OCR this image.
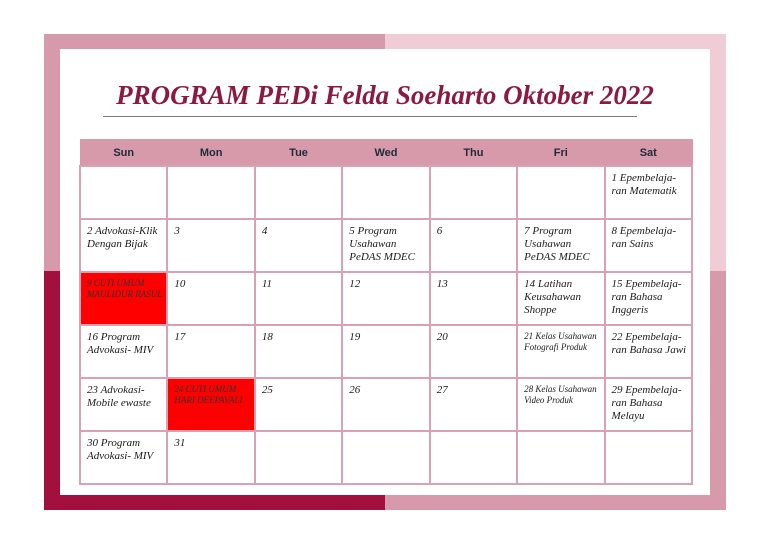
PROGRAM PEDi Felda Soeharto Oktober 2022
Sun	Mon	Tue	Wed	Thu	Fri	Sat
						1 Epembelaja-ran Matematik
2 Advokasi-Klik Dengan Bijak	3	4	5 Program Usahawan PeDAS MDEC	6	7 Program Usahawan PeDAS MDEC	8 Epembelaja-ran Sains
9 CUTI UMUM MAULIDUR RASUL	10	11	12	13	14 Latihan Keusahawan Shoppe	15 Epembelaja-ran Bahasa Inggeris
16 Program Advokasi- MIV	17	18	19	20	21 Kelas Usahawan Fotografi Produk	22 Epembelaja-ran Bahasa Jawi
23 Advokasi- Mobile ewaste	24 CUTI UMUM HARI DEEPAVALI	25	26	27	28 Kelas Usahawan Video Produk	29 Epembelaja-ran Bahasa Melayu
30 Program Advokasi- MIV	31					
